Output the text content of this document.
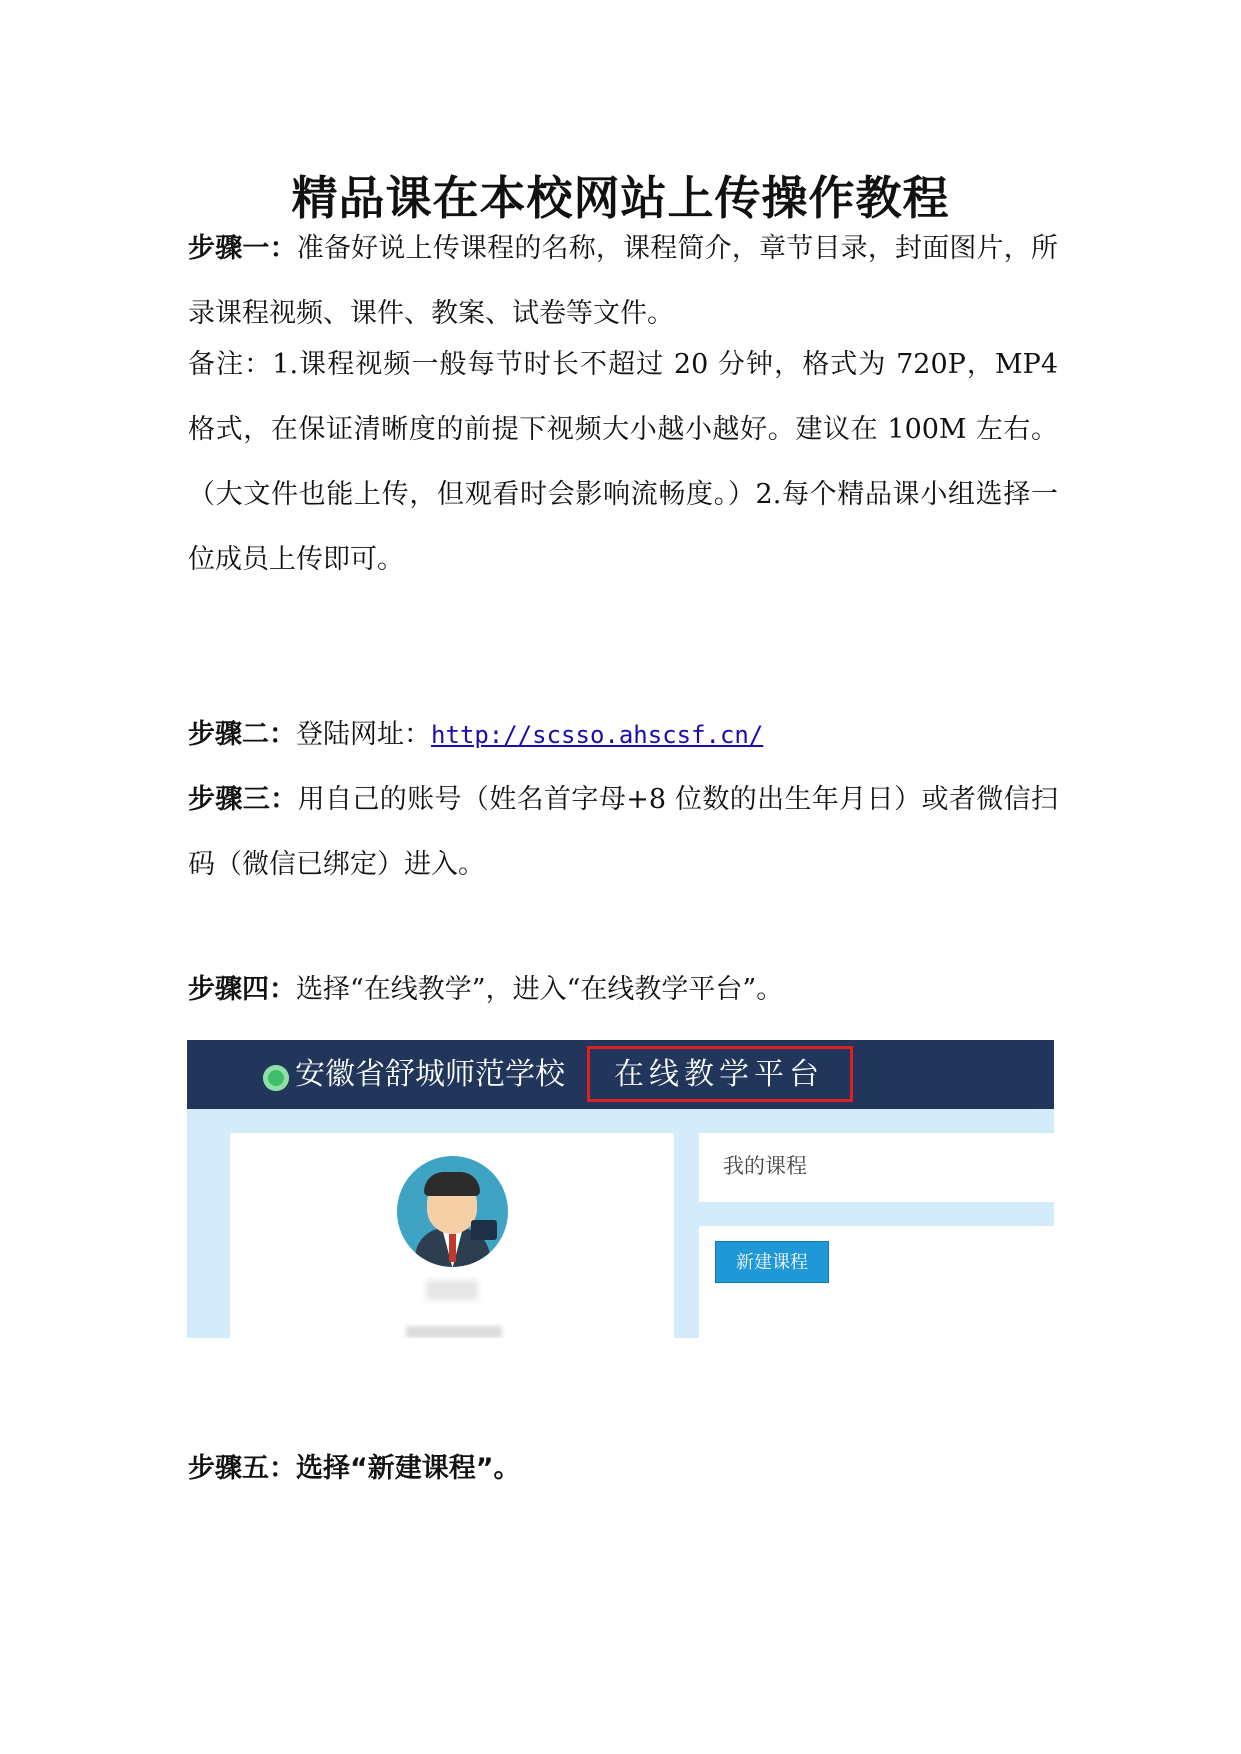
精品课在本校网站上传操作教程
步骤一：准备好说上传课程的名称，课程简介，章节目录，封面图片，所录课程视频、课件、教案、试卷等文件。
备注：1.课程视频一般每节时长不超过 20 分钟，格式为 720P，MP4 格式，在保证清晰度的前提下视频大小越小越好。建议在 100M 左右。（大文件也能上传，但观看时会影响流畅度。）2.每个精品课小组选择一位成员上传即可。
步骤二：登陆网址：http://scsso.ahscsf.cn/
步骤三：用自己的账号（姓名首字母+8 位数的出生年月日）或者微信扫码（微信已绑定）进入。
步骤四：选择“在线教学”，进入“在线教学平台”。
安徽省舒城师范学校 在线教学平台
我的课程
新建课程
步骤五：选择“新建课程”。
